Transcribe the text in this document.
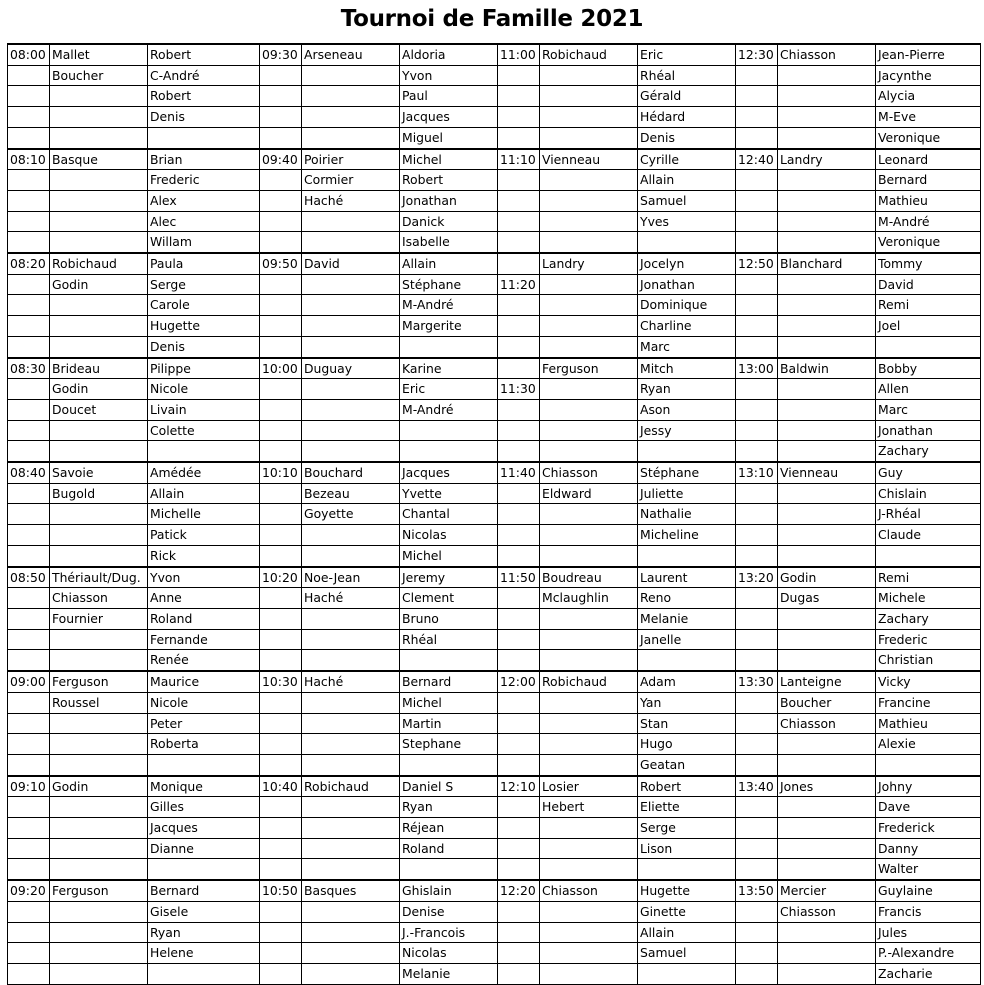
Tournoi de Famille 2021
08:00	Mallet	Robert	09:30	Arseneau	Aldoria	11:00	Robichaud	Eric	12:30	Chiasson	Jean-Pierre
	Boucher	C-André			Yvon			Rhéal			Jacynthe
		Robert			Paul			Gérald			Alycia
		Denis			Jacques			Hédard			M-Eve
					Miguel			Denis			Veronique
08:10	Basque	Brian	09:40	Poirier	Michel	11:10	Vienneau	Cyrille	12:40	Landry	Leonard
		Frederic		Cormier	Robert			Allain			Bernard
		Alex		Haché	Jonathan			Samuel			Mathieu
		Alec			Danick			Yves			M-André
		Willam			Isabelle						Veronique
08:20	Robichaud	Paula	09:50	David	Allain		Landry	Jocelyn	12:50	Blanchard	Tommy
	Godin	Serge			Stéphane	11:20		Jonathan			David
		Carole			M-André			Dominique			Remi
		Hugette			Margerite			Charline			Joel
		Denis						Marc			
08:30	Brideau	Pilippe	10:00	Duguay	Karine		Ferguson	Mitch	13:00	Baldwin	Bobby
	Godin	Nicole			Eric	11:30		Ryan			Allen
	Doucet	Livain			M-André			Ason			Marc
		Colette						Jessy			Jonathan
											Zachary
08:40	Savoie	Amédée	10:10	Bouchard	Jacques	11:40	Chiasson	Stéphane	13:10	Vienneau	Guy
	Bugold	Allain		Bezeau	Yvette		Eldward	Juliette			Chislain
		Michelle		Goyette	Chantal			Nathalie			J-Rhéal
		Patick			Nicolas			Micheline			Claude
		Rick			Michel						
08:50	Thériault/Dug.	Yvon	10:20	Noe-Jean	Jeremy	11:50	Boudreau	Laurent	13:20	Godin	Remi
	Chiasson	Anne		Haché	Clement		Mclaughlin	Reno		Dugas	Michele
	Fournier	Roland			Bruno			Melanie			Zachary
		Fernande			Rhéal			Janelle			Frederic
		Renée									Christian
09:00	Ferguson	Maurice	10:30	Haché	Bernard	12:00	Robichaud	Adam	13:30	Lanteigne	Vicky
	Roussel	Nicole			Michel			Yan		Boucher	Francine
		Peter			Martin			Stan		Chiasson	Mathieu
		Roberta			Stephane			Hugo			Alexie
								Geatan			
09:10	Godin	Monique	10:40	Robichaud	Daniel S	12:10	Losier	Robert	13:40	Jones	Johny
		Gilles			Ryan		Hebert	Eliette			Dave
		Jacques			Réjean			Serge			Frederick
		Dianne			Roland			Lison			Danny
											Walter
09:20	Ferguson	Bernard	10:50	Basques	Ghislain	12:20	Chiasson	Hugette	13:50	Mercier	Guylaine
		Gisele			Denise			Ginette		Chiasson	Francis
		Ryan			J.-Francois			Allain			Jules
		Helene			Nicolas			Samuel			P.-Alexandre
					Melanie						Zacharie
